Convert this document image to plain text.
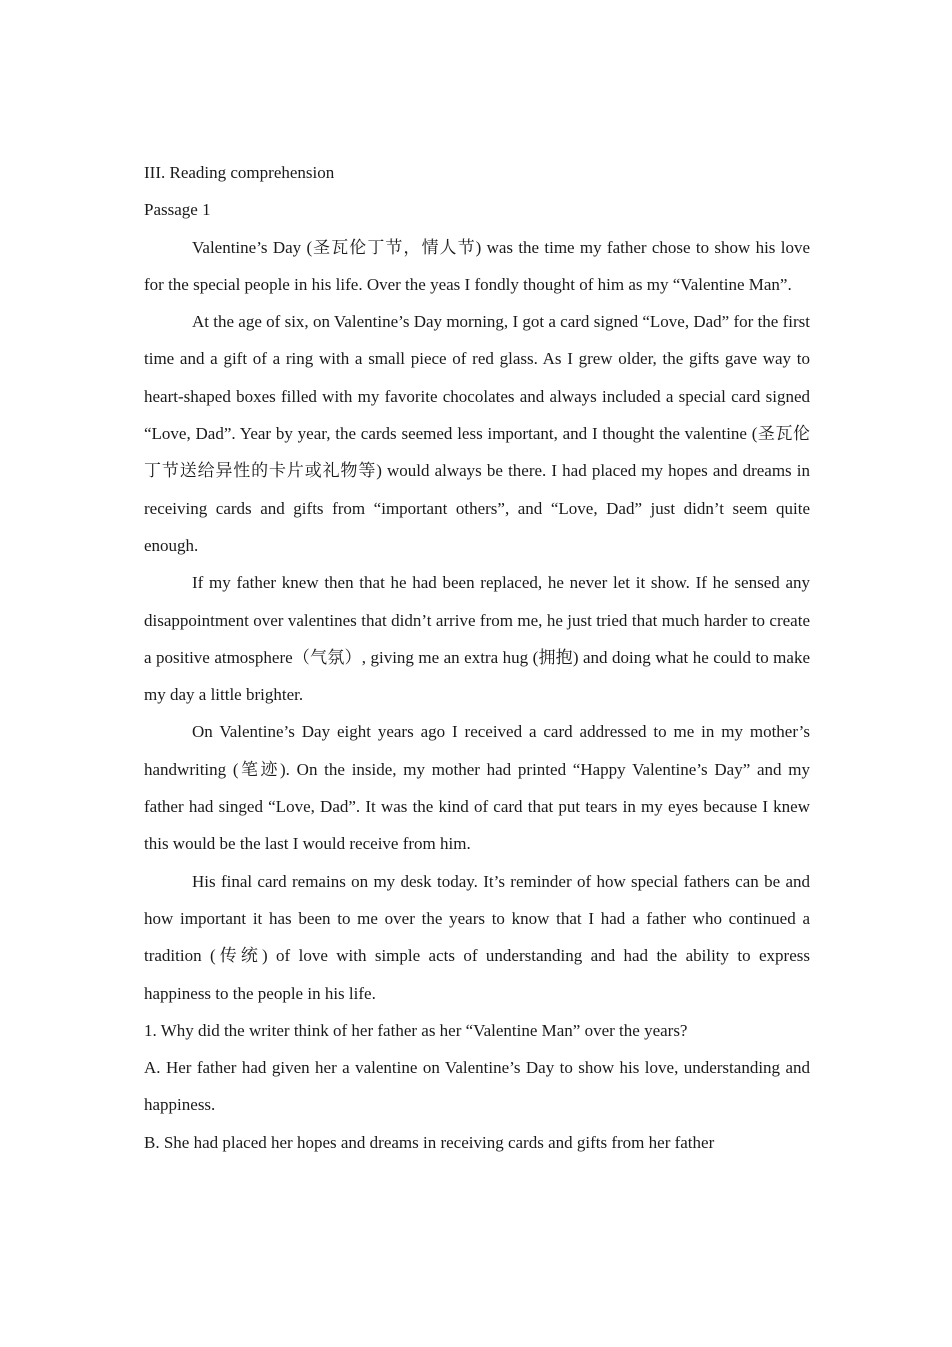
III. Reading comprehension

Passage 1

Valentine’s Day (圣瓦伦丁节，情人节) was the time my father chose to show his love for the special people in his life. Over the yeas I fondly thought of him as my “Valentine Man”.

At the age of six, on Valentine’s Day morning, I got a card signed “Love, Dad” for the first time and a gift of a ring with a small piece of red glass. As I grew older, the gifts gave way to heart-shaped boxes filled with my favorite chocolates and always included a special card signed “Love, Dad”. Year by year, the cards seemed less important, and I thought the valentine (圣瓦伦丁节送给异性的卡片或礼物等) would always be there. I had placed my hopes and dreams in receiving cards and gifts from “important others”, and “Love, Dad” just didn’t seem quite enough.

If my father knew then that he had been replaced, he never let it show. If he sensed any disappointment over valentines that didn’t arrive from me, he just tried that much harder to create a positive atmosphere（气氛）, giving me an extra hug (拥抱) and doing what he could to make my day a little brighter.

On Valentine’s Day eight years ago I received a card addressed to me in my mother’s handwriting (笔迹). On the inside, my mother had printed “Happy Valentine’s Day” and my father had singed “Love, Dad”. It was the kind of card that put tears in my eyes because I knew this would be the last I would receive from him.

His final card remains on my desk today. It’s reminder of how special fathers can be and how important it has been to me over the years to know that I had a father who continued a tradition (传统) of love with simple acts of understanding and had the ability to express happiness to the people in his life.

1. Why did the writer think of her father as her “Valentine Man” over the years?

A. Her father had given her a valentine on Valentine’s Day to show his love, understanding and happiness.

B. She had placed her hopes and dreams in receiving cards and gifts from her father
